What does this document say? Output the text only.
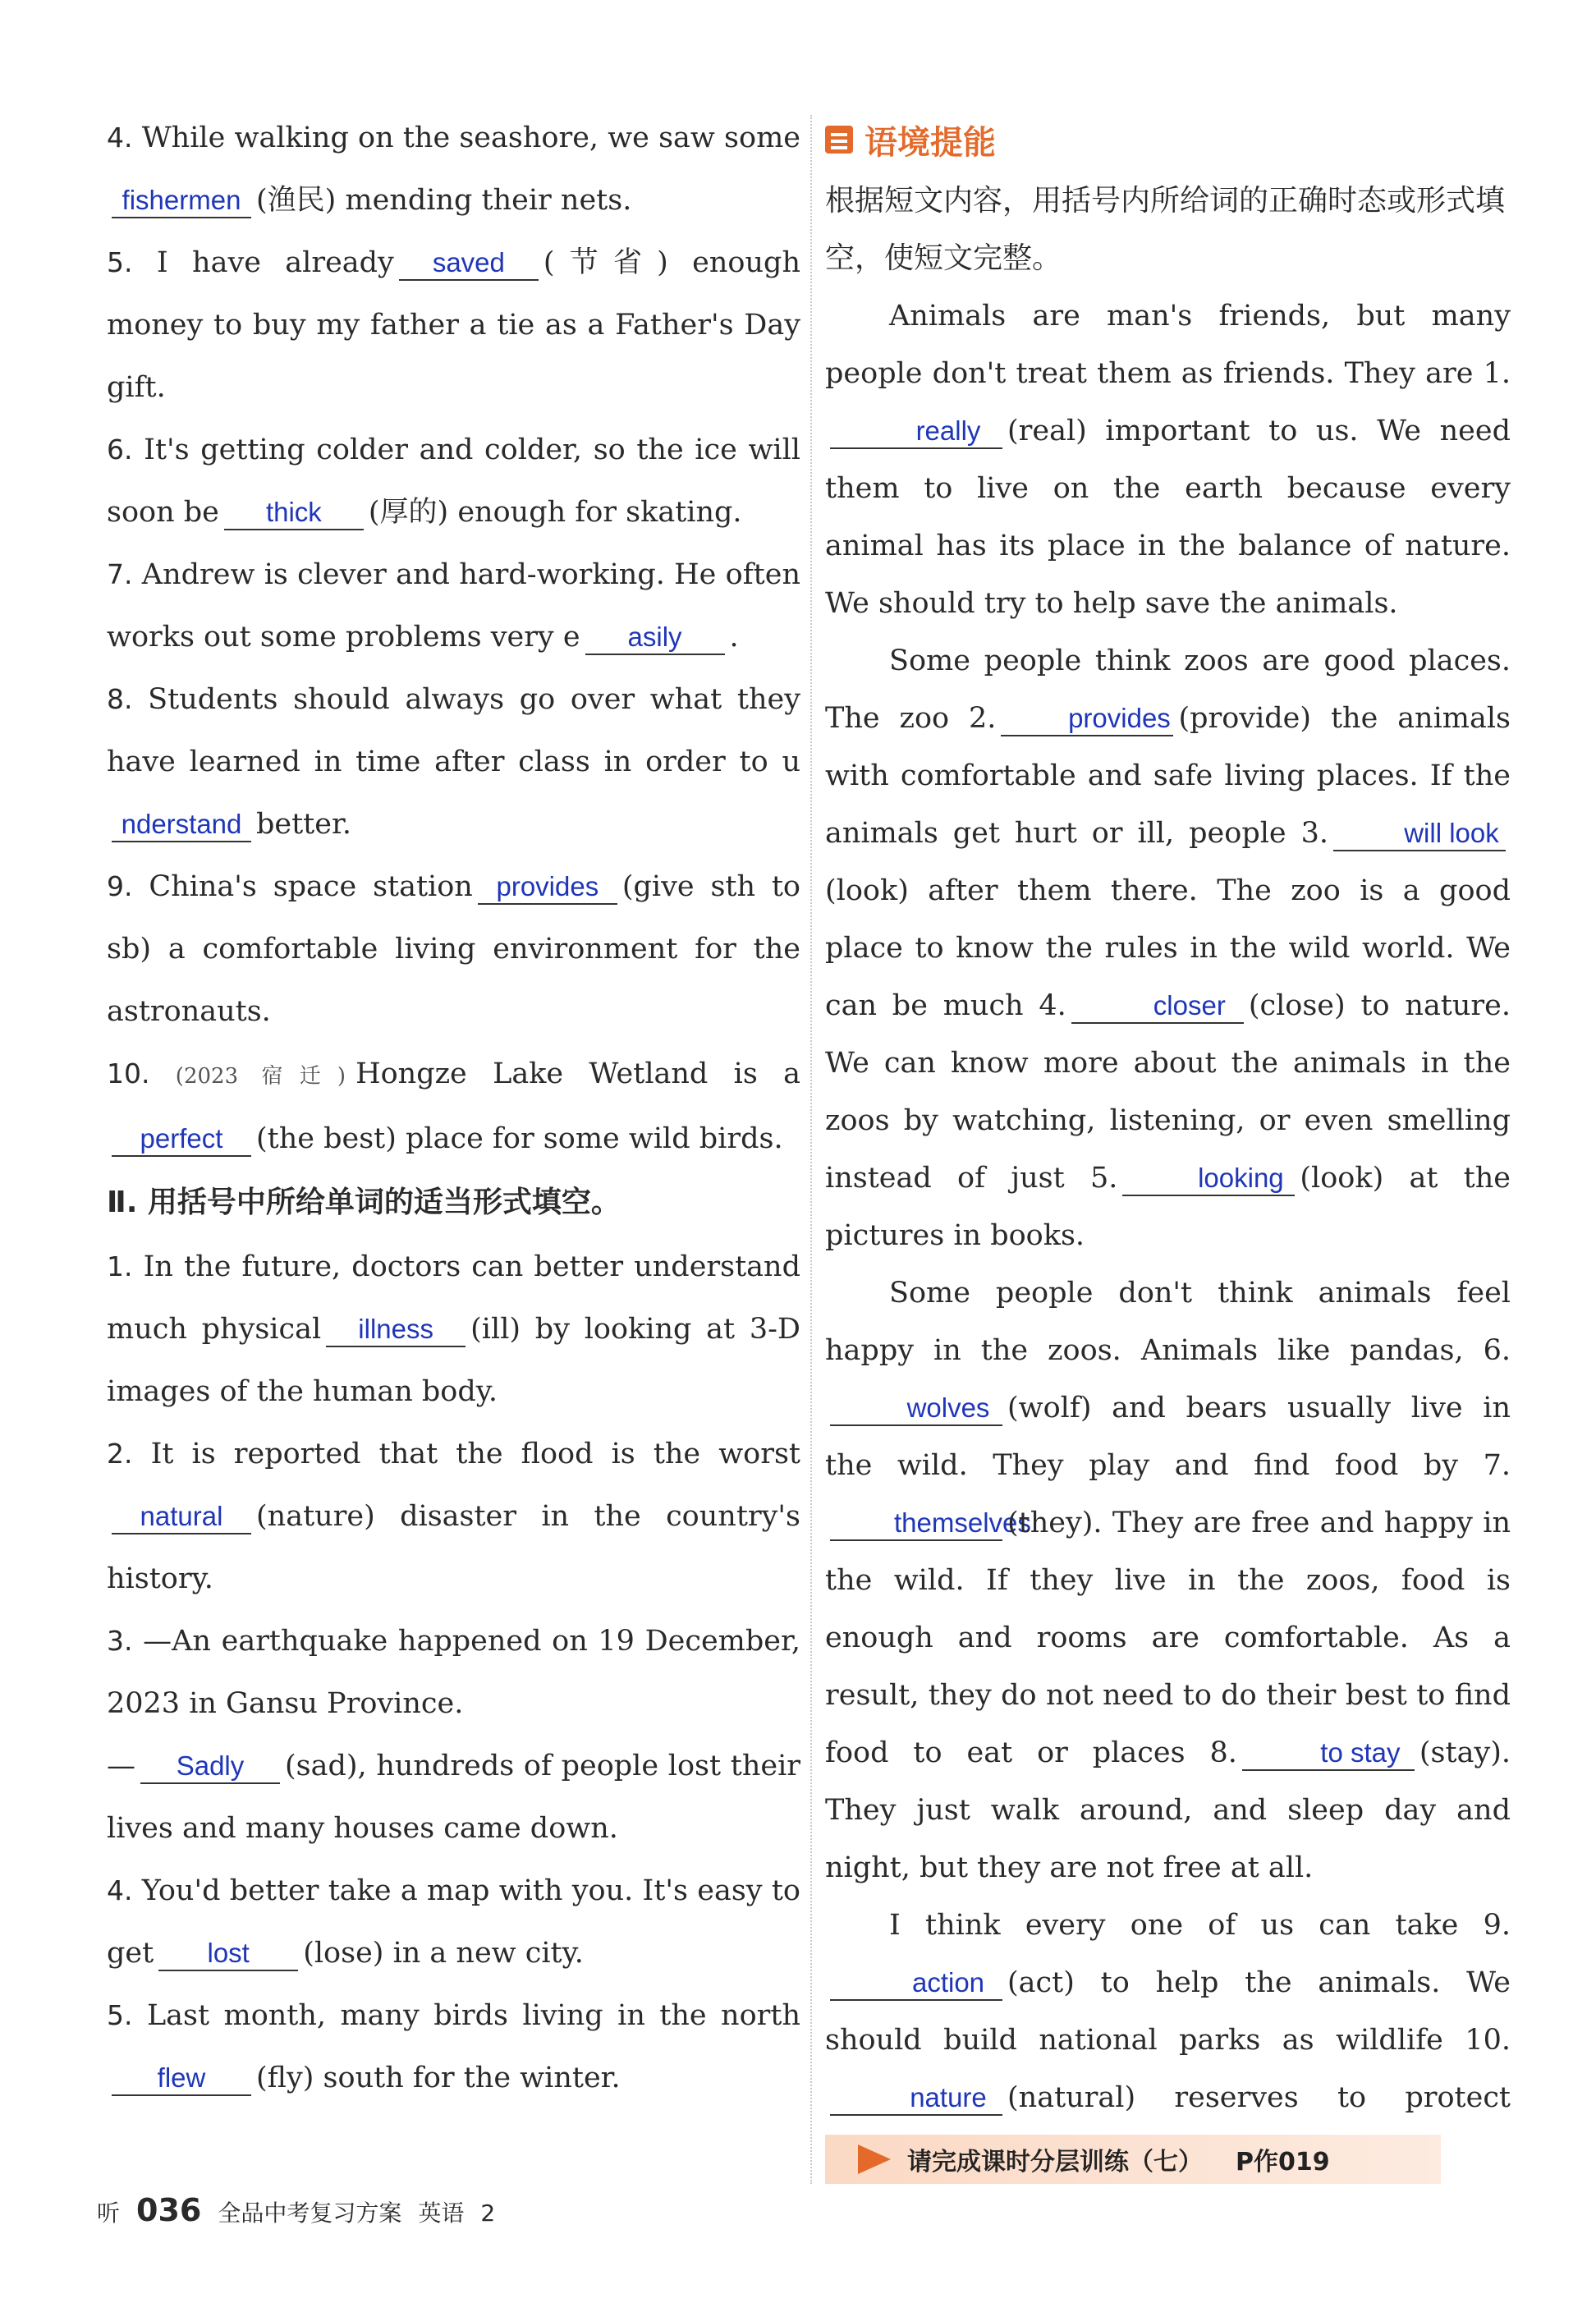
4. While walking on the seashore, we saw somefishermen (渔民) mending their nets.
5. I have already saved (节省) enough money to buy my father a tie as a Father's Day gift.
6. It's getting colder and colder, so the ice will soon be thick (厚的) enough for skating.
7. Andrew is clever and hard-working. He often works out some problems very e asily .
8. Students should always go over what they have learned in time after class in order to understand better.
9. China's space station provides (give sth to sb) a comfortable living environment for the astronauts.
10. (2023 宿迁) Hongze Lake Wetland is aperfect (the best) place for some wild birds.
Ⅱ. 用括号中所给单词的适当形式填空。
1. In the future, doctors can better understand much physical illness (ill) by looking at 3-D images of the human body.
2. It is reported that the flood is the worstnatural (nature) disaster in the country's history.
3. —An earthquake happened on 19 December, 2023 in Gansu Province.
— Sadly (sad), hundreds of people lost their lives and many houses came down.
4. You'd better take a map with you. It's easy to get lost (lose) in a new city.
5. Last month, many birds living in the northflew (fly) south for the winter.
语境提能
根据短文内容，用括号内所给词的正确时态或形式填空，使短文完整。
Animals are man's friends, but many people don't treat them as friends. They are 1.really (real) important to us. We need them to live on the earth because every animal has its place in the balance of nature. We should try to help save the animals.
Some people think zoos are good places. The zoo 2.	provides (provide) the animals with comfortable and safe living places. If the animals get hurt or ill, people 3.	will look(look) after them there. The zoo is a good place to know the rules in the wild world. We can be much 4.	closer (close) to nature. We can know more about the animals in the zoos by watching, listening, or even smelling instead of just 5.	looking (look) at the pictures in books.
Some people don't think animals feel happy in the zoos. Animals like pandas, 6.wolves (wolf) and bears usually live in the wild. They play and find food by 7.themselves(they). They are free and happy in the wild. If they live in the zoos, food is enough and rooms are comfortable. As a result, they do not need to do their best to find food to eat or places 8.	to stay (stay). They just walk around, and sleep day and night, but they are not free at all.
I think every one of us can take 9.action (act) to help the animals. We should build national parks as wildlife 10.nature (natural) reserves to protect
请完成课时分层训练（七） P作019
听 036 全品中考复习方案 英语 2
